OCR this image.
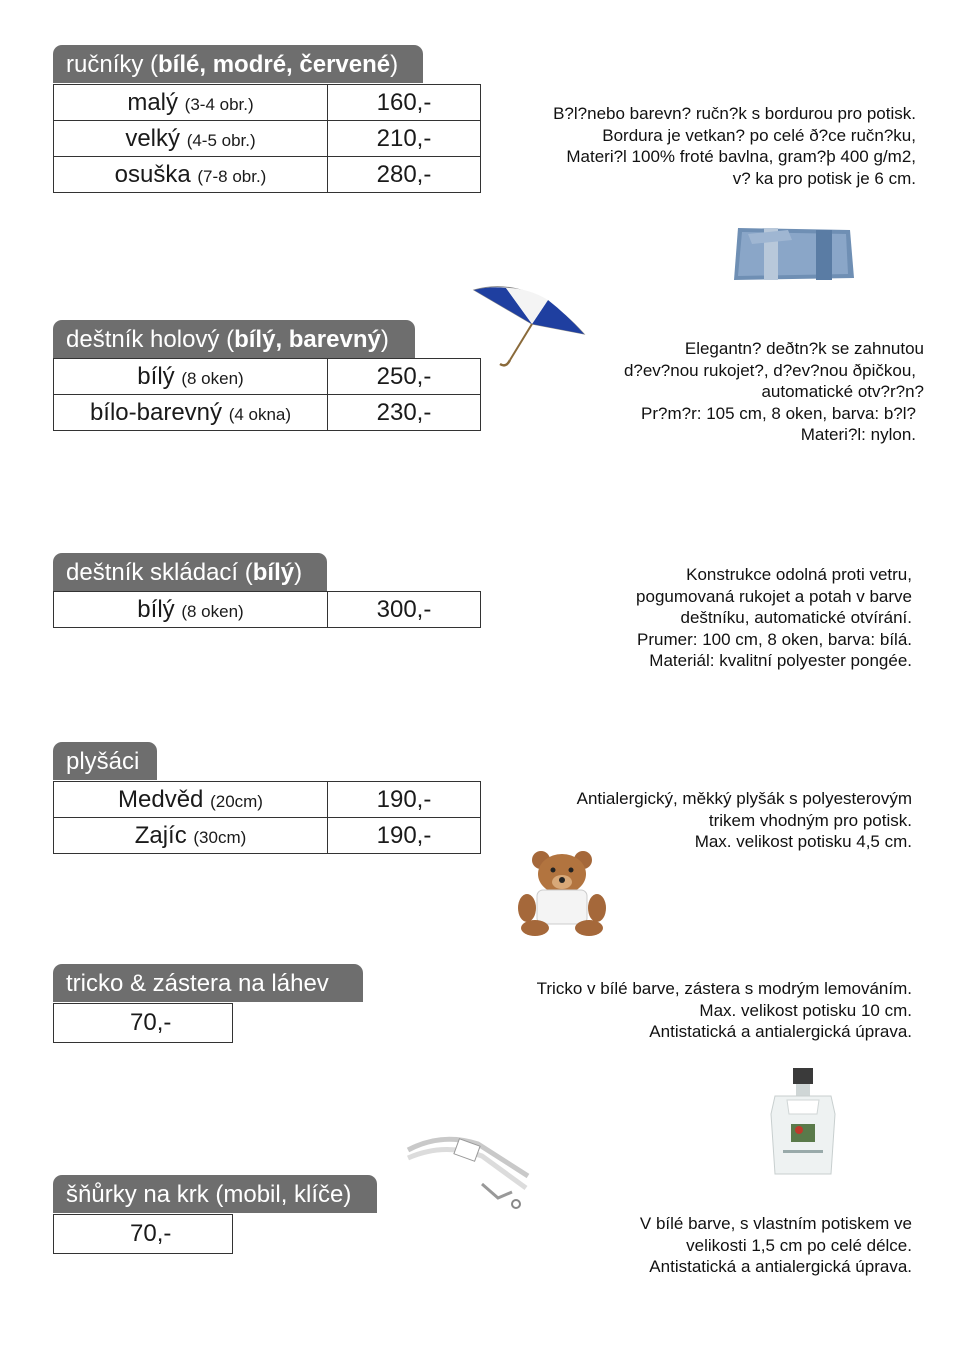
ručníky (bílé, modré, červené)
malý (3-4 obr.)	160,-
velký (4-5 obr.)	210,-
osuška (7-8 obr.)	280,-
B?l?nebo barevn? ručn?k s bordurou pro potisk.
Bordura je vetkan? po celé ð?ce ručn?ku,
Materi?l 100% froté bavlna, gram?þ 400 g/m2,
v? ka pro potisk je 6 cm.
deštník holový (bílý, barevný)
bílý (8 oken)	250,-
bílo-barevný (4 okna)	230,-
Elegantn? deðtn?k se zahnutou
d?ev?nou rukojet?, d?ev?nou ðpičkou,
automatické otv?r?n?
Pr?m?r: 105 cm, 8 oken, barva: b?l?
Materi?l: nylon.
deštník skládací (bílý)
bílý (8 oken)	300,-
Konstrukce odolná proti vetru,
pogumovaná rukojet a potah v barve
deštníku, automatické otvírání.
Prumer: 100 cm, 8 oken, barva: bílá.
Materiál: kvalitní polyester pongée.
plyšáci
Medvěd (20cm)	190,-
Zajíc (30cm)	190,-
Antialergický, měkký plyšák s polyesterovým
trikem vhodným pro potisk.
Max. velikost potisku 4,5 cm.
tricko & zástera na láhev
70,-
Tricko v bílé barve, zástera s modrým lemováním.
Max. velikost potisku 10 cm.
Antistatická a antialergická úprava.
šňůrky na krk (mobil, klíče)
70,-	V bílé barve, s vlastním potiskem ve
velikosti 1,5 cm po celé délce.
Antistatická a antialergická úprava.
